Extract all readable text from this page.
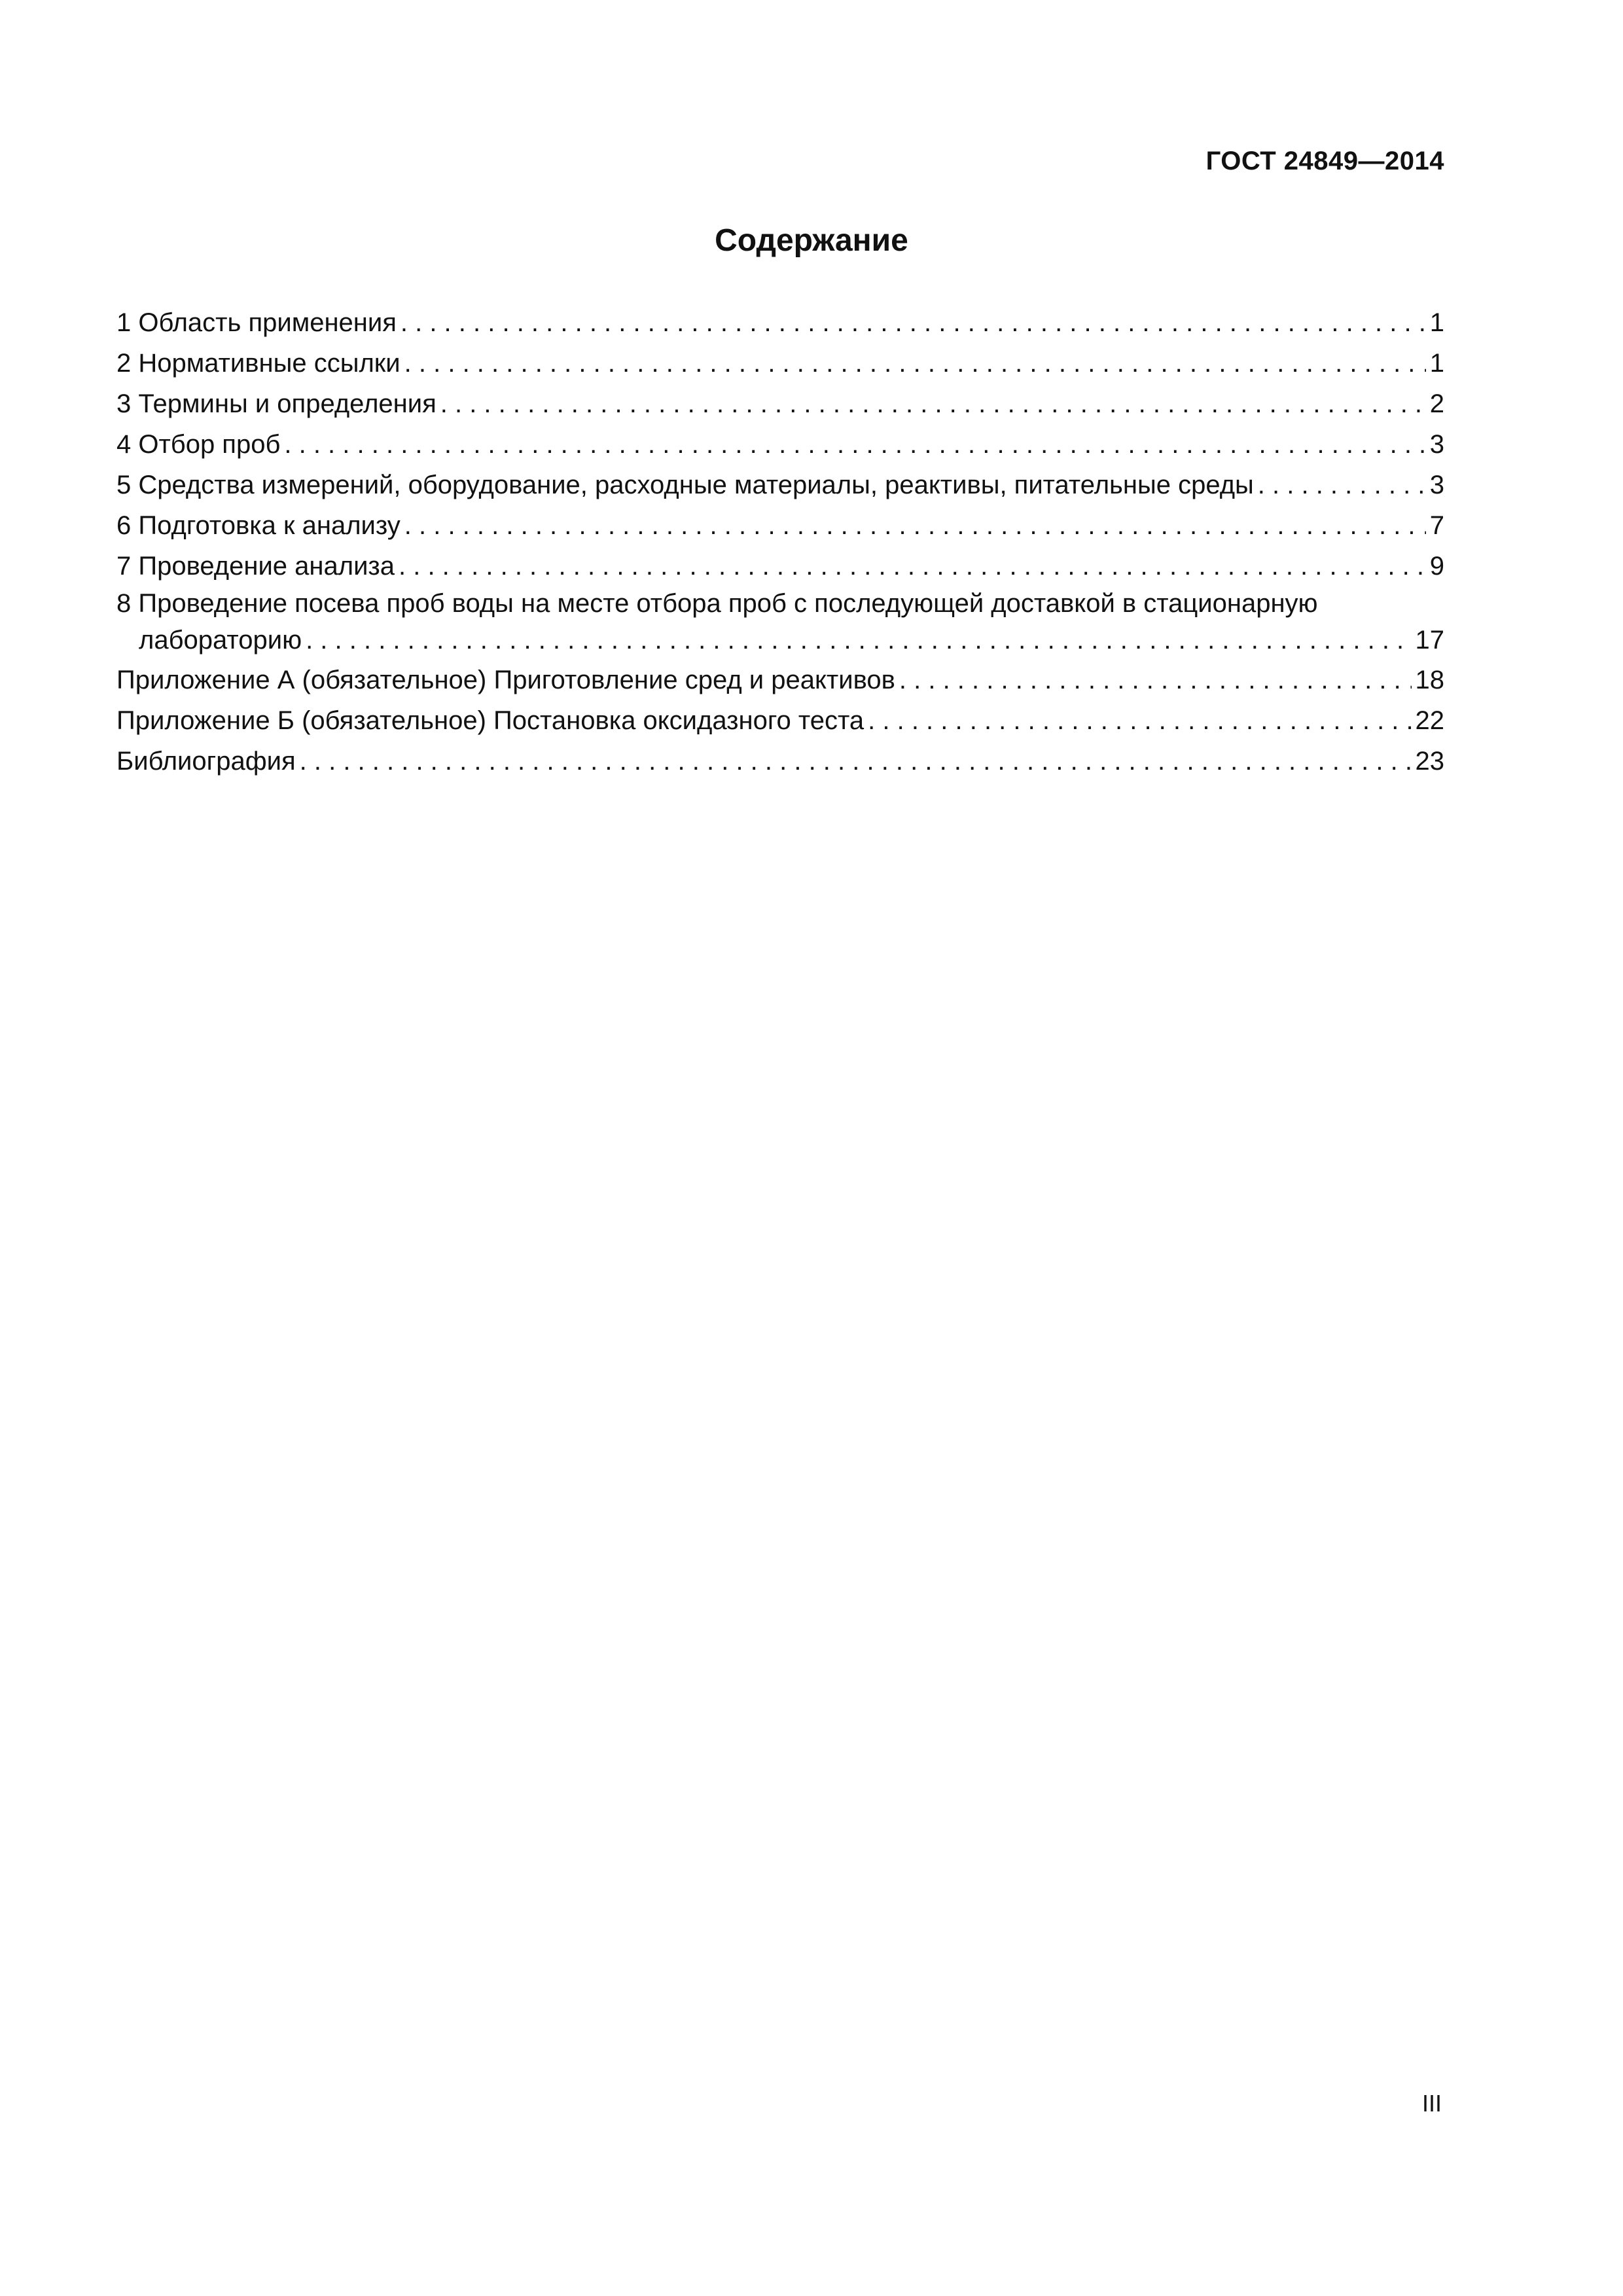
ГОСТ 24849—2014
Содержание
1 Область применения . . .	1
2 Нормативные ссылки . . .	1
3 Термины и определения . . .	2
4 Отбор проб . . .	3
5 Средства измерений, оборудование, расходные материалы, реактивы, питательные среды . . .	3
6 Подготовка к анализу . . .	7
7 Проведение анализа . . .	9
8 Проведение посева проб воды на месте отбора проб с последующей доставкой в стационарную
лабораторию . . .	17
Приложение А (обязательное) Приготовление сред и реактивов . . .	18
Приложение Б (обязательное) Постановка оксидазного теста . . .	22
Библиография . . .	23
III
